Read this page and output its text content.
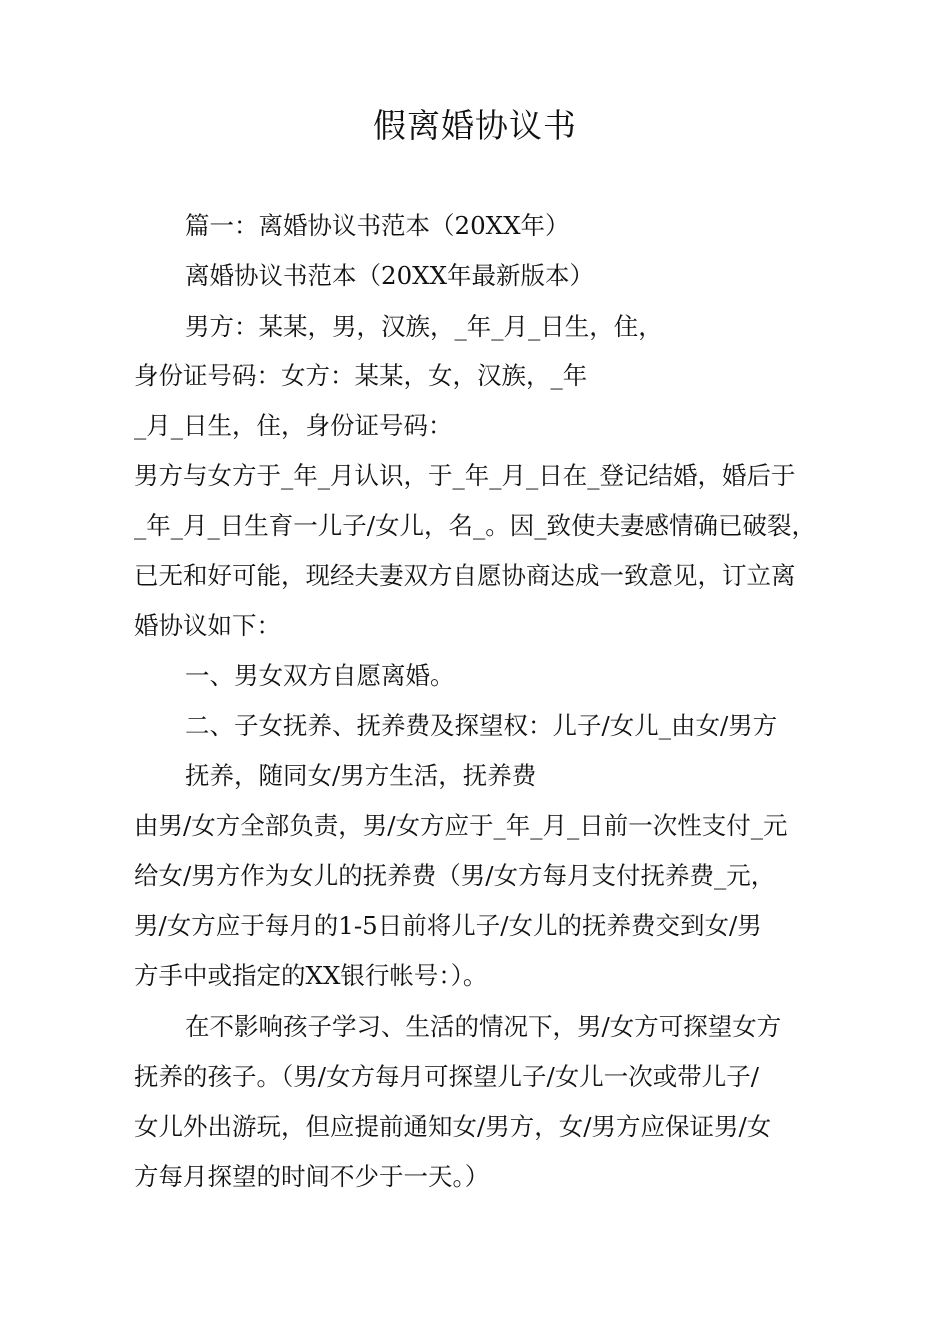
假离婚协议书

篇一：离婚协议书范本（20XX年）

离婚协议书范本（20XX年最新版本）

男方：某某，男，汉族，_年_月_日生，住，

身份证号码：女方：某某，女，汉族，_年

_月_日生，住，身份证号码：

男方与女方于_年_月认识，于_年_月_日在_登记结婚，婚后于

_年_月_日生育一儿子/女儿，名_。因_致使夫妻感情确已破裂，

已无和好可能，现经夫妻双方自愿协商达成一致意见，订立离

婚协议如下：

一、男女双方自愿离婚。

二、子女抚养、抚养费及探望权：儿子/女儿_由女/男方

抚养，随同女/男方生活，抚养费

由男/女方全部负责，男/女方应于_年_月_日前一次性支付_元

给女/男方作为女儿的抚养费（男/女方每月支付抚养费_元，

男/女方应于每月的1-5日前将儿子/女儿的抚养费交到女/男

方手中或指定的XX银行帐号：）。

在不影响孩子学习、生活的情况下，男/女方可探望女方

抚养的孩子。（男/女方每月可探望儿子/女儿一次或带儿子/

女儿外出游玩，但应提前通知女/男方，女/男方应保证男/女

方每月探望的时间不少于一天。）
